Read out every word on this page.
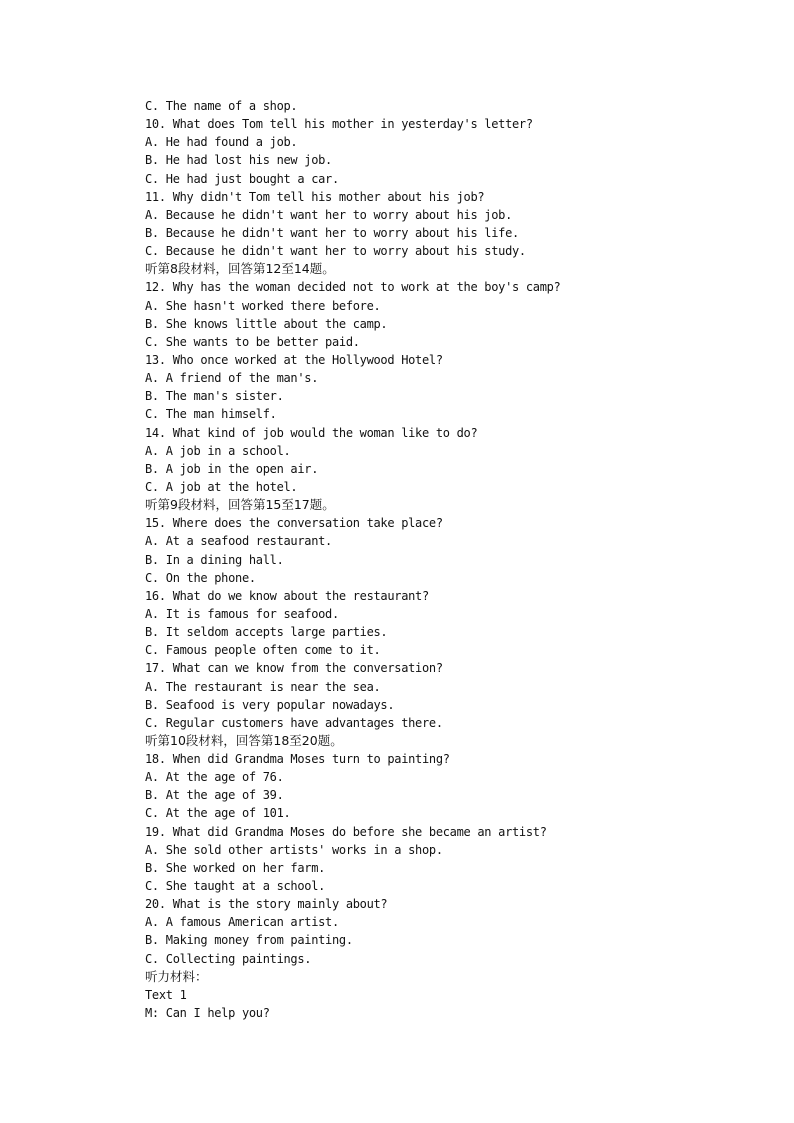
C. The name of a shop.
10. What does Tom tell his mother in yesterday's letter?
A. He had found a job.
B. He had lost his new job.
C. He had just bought a car.
11. Why didn't Tom tell his mother about his job?
A. Because he didn't want her to worry about his job.
B. Because he didn't want her to worry about his life.
C. Because he didn't want her to worry about his study.
听第8段材料，回答第12至14题。
12. Why has the woman decided not to work at the boy's camp?
A. She hasn't worked there before.
B. She knows little about the camp.
C. She wants to be better paid.
13. Who once worked at the Hollywood Hotel?
A. A friend of the man's.
B. The man's sister.
C. The man himself.
14. What kind of job would the woman like to do?
A. A job in a school.
B. A job in the open air.
C. A job at the hotel.
听第9段材料，回答第15至17题。
15. Where does the conversation take place?
A. At a seafood restaurant.
B. In a dining hall.
C. On the phone.
16. What do we know about the restaurant?
A. It is famous for seafood.
B. It seldom accepts large parties.
C. Famous people often come to it.
17. What can we know from the conversation?
A. The restaurant is near the sea.
B. Seafood is very popular nowadays.
C. Regular customers have advantages there.
听第10段材料，回答第18至20题。
18. When did Grandma Moses turn to painting?
A. At the age of 76.
B. At the age of 39.
C. At the age of 101.
19. What did Grandma Moses do before she became an artist?
A. She sold other artists' works in a shop.
B. She worked on her farm.
C. She taught at a school.
20. What is the story mainly about?
A. A famous American artist.
B. Making money from painting.
C. Collecting paintings.
听力材料：
Text 1
M: Can I help you?
